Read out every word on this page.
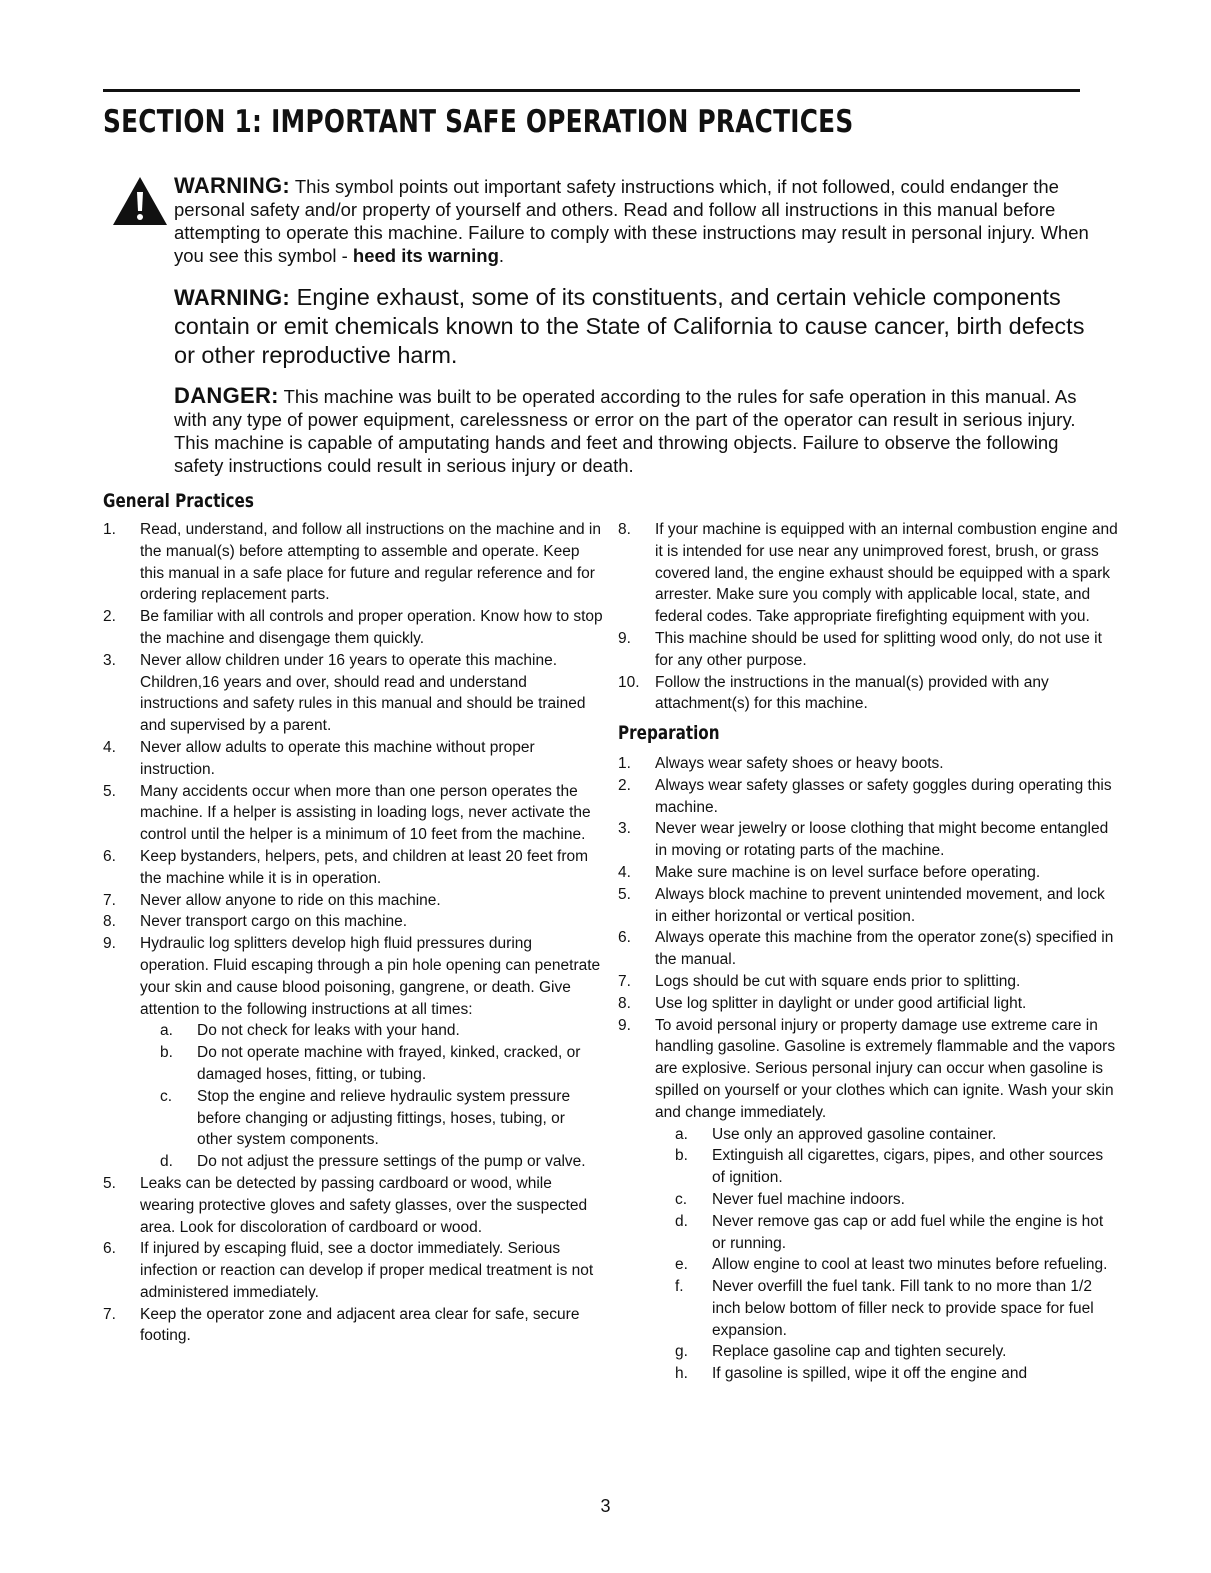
SECTION 1: IMPORTANT SAFE OPERATION PRACTICES

WARNING: This symbol points out important safety instructions which, if not followed, could endanger the personal safety and/or property of yourself and others. Read and follow all instructions in this manual before attempting to operate this machine. Failure to comply with these instructions may result in personal injury. When you see this symbol - heed its warning.

WARNING: Engine exhaust, some of its constituents, and certain vehicle components contain or emit chemicals known to the State of California to cause cancer, birth defects or other reproductive harm.

DANGER: This machine was built to be operated according to the rules for safe operation in this manual. As with any type of power equipment, carelessness or error on the part of the operator can result in serious injury. This machine is capable of amputating hands and feet and throwing objects. Failure to observe the following safety instructions could result in serious injury or death.

General Practices
1. Read, understand, and follow all instructions on the machine and in the manual(s) before attempting to assemble and operate. Keep this manual in a safe place for future and regular reference and for ordering replacement parts.
2. Be familiar with all controls and proper operation. Know how to stop the machine and disengage them quickly.
3. Never allow children under 16 years to operate this machine. Children,16 years and over, should read and understand instructions and safety rules in this manual and should be trained and supervised by a parent.
4. Never allow adults to operate this machine without proper instruction.
5. Many accidents occur when more than one person operates the machine. If a helper is assisting in loading logs, never activate the control until the helper is a minimum of 10 feet from the machine.
6. Keep bystanders, helpers, pets, and children at least 20 feet from the machine while it is in operation.
7. Never allow anyone to ride on this machine.
8. Never transport cargo on this machine.
9. Hydraulic log splitters develop high fluid pressures during operation. Fluid escaping through a pin hole opening can penetrate your skin and cause blood poisoning, gangrene, or death. Give attention to the following instructions at all times:
a. Do not check for leaks with your hand.
b. Do not operate machine with frayed, kinked, cracked, or damaged hoses, fitting, or tubing.
c. Stop the engine and relieve hydraulic system pressure before changing or adjusting fittings, hoses, tubing, or other system components.
d. Do not adjust the pressure settings of the pump or valve.
5. Leaks can be detected by passing cardboard or wood, while wearing protective gloves and safety glasses, over the suspected area. Look for discoloration of cardboard or wood.
6. If injured by escaping fluid, see a doctor immediately. Serious infection or reaction can develop if proper medical treatment is not administered immediately.
7. Keep the operator zone and adjacent area clear for safe, secure footing.
8. If your machine is equipped with an internal combustion engine and it is intended for use near any unimproved forest, brush, or grass covered land, the engine exhaust should be equipped with a spark arrester. Make sure you comply with applicable local, state, and federal codes. Take appropriate firefighting equipment with you.
9. This machine should be used for splitting wood only, do not use it for any other purpose.
10. Follow the instructions in the manual(s) provided with any attachment(s) for this machine.
Preparation
1. Always wear safety shoes or heavy boots.
2. Always wear safety glasses or safety goggles during operating this machine.
3. Never wear jewelry or loose clothing that might become entangled in moving or rotating parts of the machine.
4. Make sure machine is on level surface before operating.
5. Always block machine to prevent unintended movement, and lock in either horizontal or vertical position.
6. Always operate this machine from the operator zone(s) specified in the manual.
7. Logs should be cut with square ends prior to splitting.
8. Use log splitter in daylight or under good artificial light.
9. To avoid personal injury or property damage use extreme care in handling gasoline. Gasoline is extremely flammable and the vapors are explosive. Serious personal injury can occur when gasoline is spilled on yourself or your clothes which can ignite. Wash your skin and change immediately.
a. Use only an approved gasoline container.
b. Extinguish all cigarettes, cigars, pipes, and other sources of ignition.
c. Never fuel machine indoors.
d. Never remove gas cap or add fuel while the engine is hot or running.
e. Allow engine to cool at least two minutes before refueling.
f. Never overfill the fuel tank. Fill tank to no more than 1/2 inch below bottom of filler neck to provide space for fuel expansion.
g. Replace gasoline cap and tighten securely.
h. If gasoline is spilled, wipe it off the engine and
3
